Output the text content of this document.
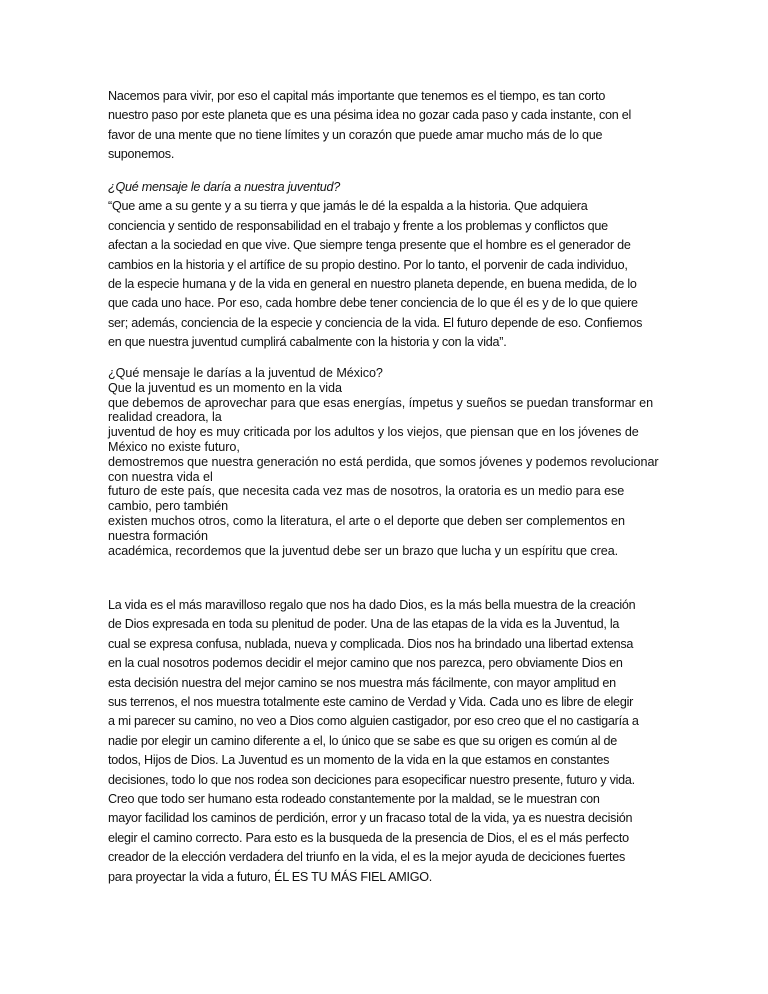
Nacemos para vivir, por eso el capital más importante que tenemos es el tiempo, es tan corto
nuestro paso por este planeta que es una pésima idea no gozar cada paso y cada instante, con el
favor de una mente que no tiene límites y un corazón que puede amar mucho más de lo que
suponemos.
¿Qué mensaje le daría a nuestra juventud?
“Que ame a su gente y a su tierra y que jamás le dé la espalda a la historia. Que adquiera
conciencia y sentido de responsabilidad en el trabajo y frente a los problemas y conflictos que
afectan a la sociedad en que vive. Que siempre tenga presente que el hombre es el generador de
cambios en la historia y el artífice de su propio destino. Por lo tanto, el porvenir de cada individuo,
de la especie humana y de la vida en general en nuestro planeta depende, en buena medida, de lo
que cada uno hace. Por eso, cada hombre debe tener conciencia de lo que él es y de lo que quiere
ser; además, conciencia de la especie y conciencia de la vida. El futuro depende de eso. Confiemos
en que nuestra juventud cumplirá cabalmente con la historia y con la vida”.
¿Qué mensaje le darías a la juventud de México?
Que la juventud es un momento en la vida
que debemos de aprovechar para que esas energías, ímpetus y sueños se puedan transformar en
realidad creadora, la
juventud de hoy es muy criticada por los adultos y los viejos, que piensan que en los jóvenes de
México no existe futuro,
demostremos que nuestra generación no está perdida, que somos jóvenes y podemos revolucionar
con nuestra vida el
futuro de este país, que necesita cada vez mas de nosotros, la oratoria es un medio para ese
cambio, pero también
existen muchos otros, como la literatura, el arte o el deporte que deben ser complementos en
nuestra formación
académica, recordemos que la juventud debe ser un brazo que lucha y un espíritu que crea.
La vida es el más maravilloso regalo que nos ha dado Dios, es la más bella muestra de la creación
de Dios expresada en toda su plenitud de poder. Una de las etapas de la vida es la Juventud, la
cual se expresa confusa, nublada, nueva y complicada. Dios nos ha brindado una libertad extensa
en la cual nosotros podemos decidir el mejor camino que nos parezca, pero obviamente Dios en
esta decisión nuestra del mejor camino se nos muestra más fácilmente, con mayor amplitud en
sus terrenos, el nos muestra totalmente este camino de Verdad y Vida. Cada uno es libre de elegir
a mi parecer su camino, no veo a Dios como alguien castigador, por eso creo que el no castigaría a
nadie por elegir un camino diferente a el, lo único que se sabe es que su origen es común al de
todos, Hijos de Dios. La Juventud es un momento de la vida en la que estamos en constantes
decisiones, todo lo que nos rodea son deciciones para esopecificar nuestro presente, futuro y vida.
Creo que todo ser humano esta rodeado constantemente por la maldad, se le muestran con
mayor facilidad los caminos de perdición, error y un fracaso total de la vida, ya es nuestra decisión
elegir el camino correcto. Para esto es la busqueda de la presencia de Dios, el es el más perfecto
creador de la elección verdadera del triunfo en la vida, el es la mejor ayuda de deciciones fuertes
para proyectar la vida a futuro, ÉL ES TU MÁS FIEL AMIGO.
